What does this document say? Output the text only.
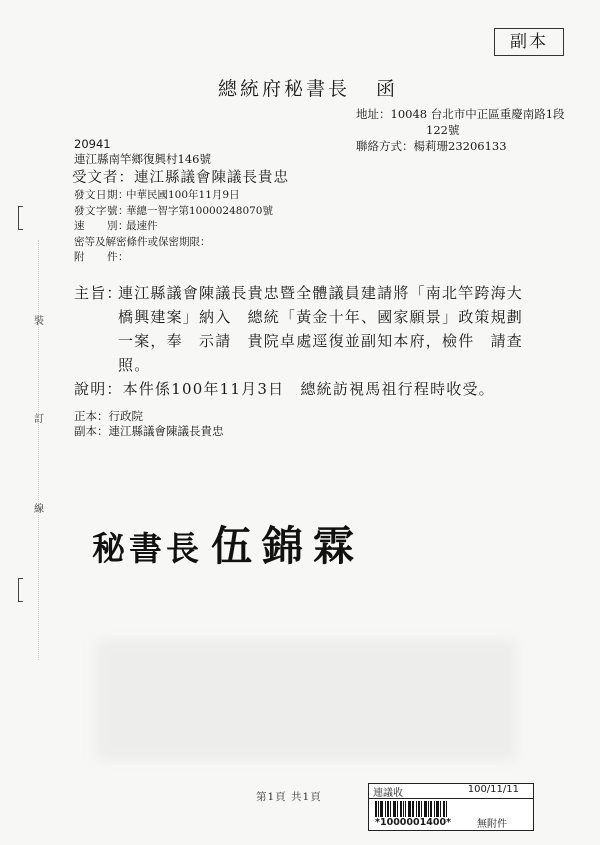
副本
總統府秘書長 函
地址：10048 台北市中正區重慶南路1段
122號
聯絡方式：楊莉珊23206133
20941
連江縣南竿鄉復興村146號
受文者：連江縣議會陳議長貴忠
發文日期：中華民國100年11月9日
發文字號：華總一智字第10000248070號
速　　別：最速件
密等及解密條件或保密期限：
附　　件：
主旨：
連江縣議會陳議長貴忠暨全體議員建請將「南北竿跨海大
橋興建案」納入　總統「黃金十年、國家願景」政策規劃
一案，奉　示請　貴院卓處逕復並副知本府，檢件　請查
照。
說明：本件係100年11月3日　總統訪視馬祖行程時收受。
正本：行政院
副本：連江縣議會陳議長貴忠
裝
訂
線
秘書長 伍錦霖
第1頁 共1頁	連議收	100/11/11
*1000001400*	無附件
